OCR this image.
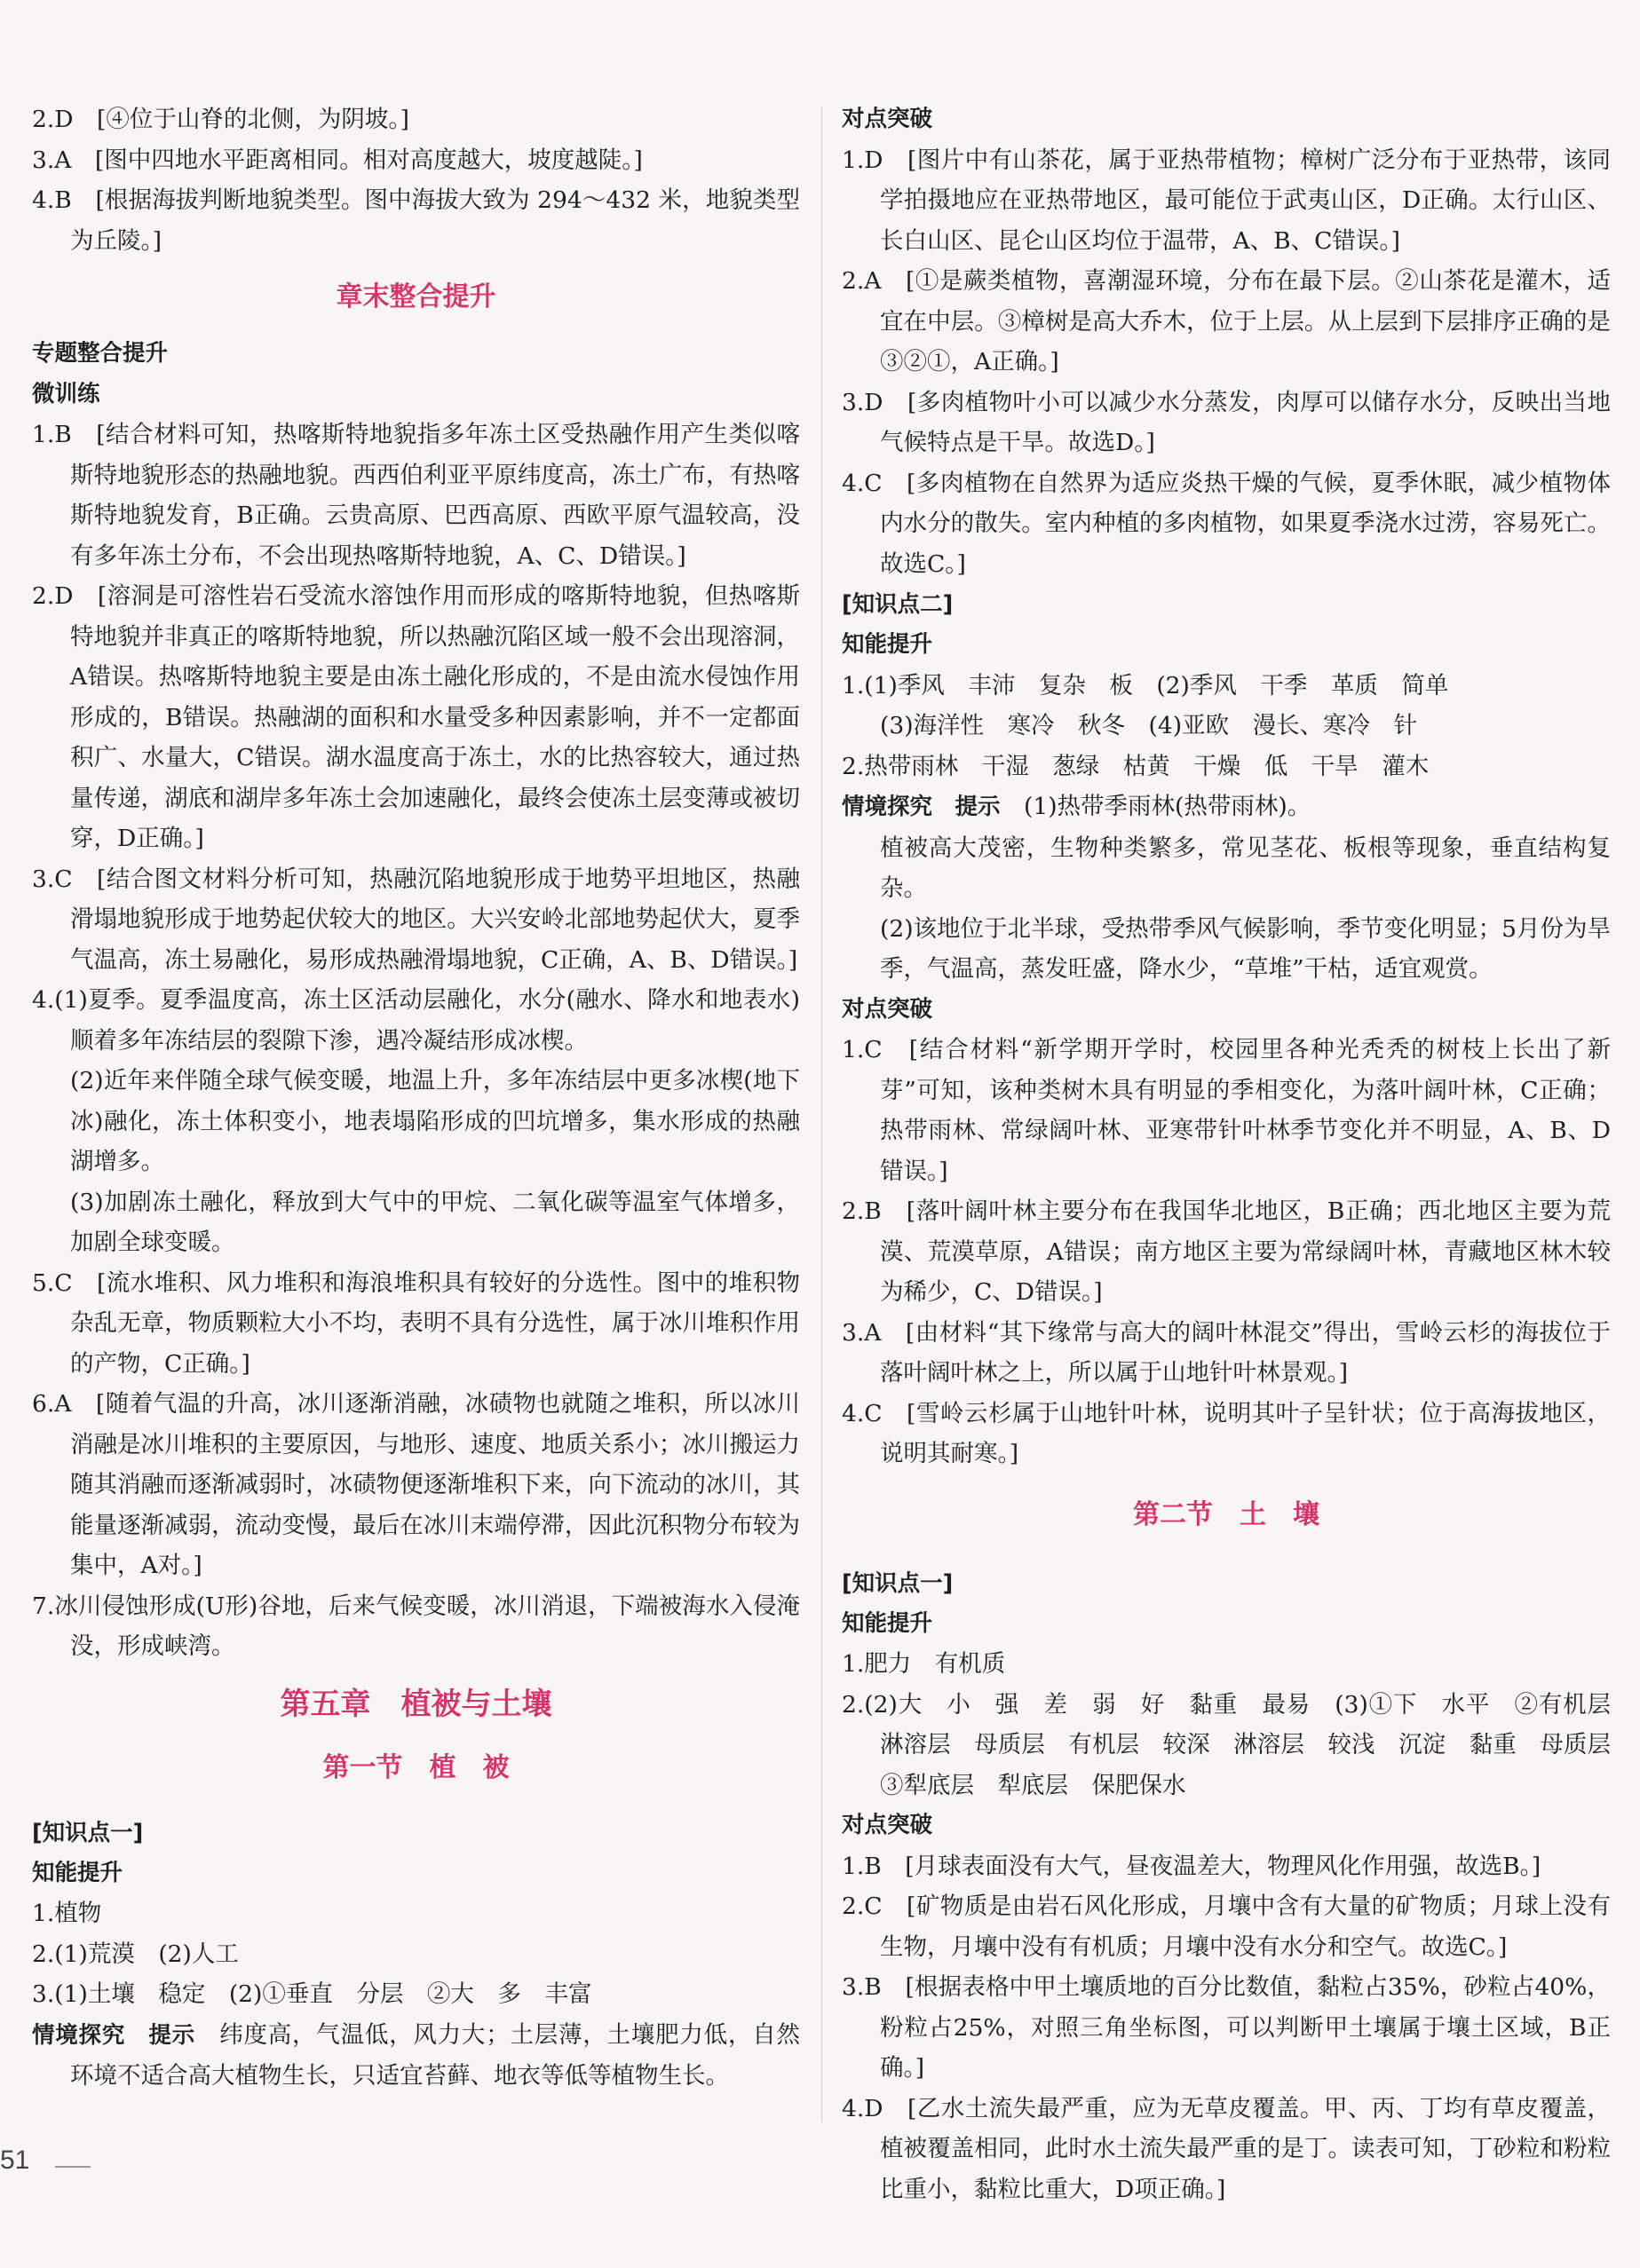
2.D　[④位于山脊的北侧，为阴坡。]

3.A　[图中四地水平距离相同。相对高度越大，坡度越陡。]

4.B　[根据海拔判断地貌类型。图中海拔大致为 294～432 米，地貌类型为丘陵。]

章末整合提升

专题整合提升

微训练

1.B　[结合材料可知，热喀斯特地貌指多年冻土区受热融作用产生类似喀斯特地貌形态的热融地貌。西西伯利亚平原纬度高，冻土广布，有热喀斯特地貌发育，B正确。云贵高原、巴西高原、西欧平原气温较高，没有多年冻土分布，不会出现热喀斯特地貌，A、C、D错误。]

2.D　[溶洞是可溶性岩石受流水溶蚀作用而形成的喀斯特地貌，但热喀斯特地貌并非真正的喀斯特地貌，所以热融沉陷区域一般不会出现溶洞，A错误。热喀斯特地貌主要是由冻土融化形成的，不是由流水侵蚀作用形成的，B错误。热融湖的面积和水量受多种因素影响，并不一定都面积广、水量大，C错误。湖水温度高于冻土，水的比热容较大，通过热量传递，湖底和湖岸多年冻土会加速融化，最终会使冻土层变薄或被切穿，D正确。]

3.C　[结合图文材料分析可知，热融沉陷地貌形成于地势平坦地区，热融滑塌地貌形成于地势起伏较大的地区。大兴安岭北部地势起伏大，夏季气温高，冻土易融化，易形成热融滑塌地貌，C正确，A、B、D错误。]

4.(1)夏季。夏季温度高，冻土区活动层融化，水分(融水、降水和地表水)顺着多年冻结层的裂隙下渗，遇冷凝结形成冰楔。

(2)近年来伴随全球气候变暖，地温上升，多年冻结层中更多冰楔(地下冰)融化，冻土体积变小，地表塌陷形成的凹坑增多，集水形成的热融湖增多。

(3)加剧冻土融化，释放到大气中的甲烷、二氧化碳等温室气体增多，加剧全球变暖。

5.C　[流水堆积、风力堆积和海浪堆积具有较好的分选性。图中的堆积物杂乱无章，物质颗粒大小不均，表明不具有分选性，属于冰川堆积作用的产物，C正确。]

6.A　[随着气温的升高，冰川逐渐消融，冰碛物也就随之堆积，所以冰川消融是冰川堆积的主要原因，与地形、速度、地质关系小；冰川搬运力随其消融而逐渐减弱时，冰碛物便逐渐堆积下来，向下流动的冰川，其能量逐渐减弱，流动变慢，最后在冰川末端停滞，因此沉积物分布较为集中，A对。]

7.冰川侵蚀形成(U形)谷地，后来气候变暖，冰川消退，下端被海水入侵淹没，形成峡湾。

第五章　植被与土壤

第一节　植　被

[知识点一]

知能提升

1.植物

2.(1)荒漠　(2)人工

3.(1)土壤　稳定　(2)①垂直　分层　②大　多　丰富

情境探究　提示　纬度高，气温低，风力大；土层薄，土壤肥力低，自然环境不适合高大植物生长，只适宜苔藓、地衣等低等植物生长。

对点突破

1.D　[图片中有山茶花，属于亚热带植物；樟树广泛分布于亚热带，该同学拍摄地应在亚热带地区，最可能位于武夷山区，D正确。太行山区、长白山区、昆仑山区均位于温带，A、B、C错误。]

2.A　[①是蕨类植物，喜潮湿环境，分布在最下层。②山茶花是灌木，适宜在中层。③樟树是高大乔木，位于上层。从上层到下层排序正确的是③②①，A正确。]

3.D　[多肉植物叶小可以减少水分蒸发，肉厚可以储存水分，反映出当地气候特点是干旱。故选D。]

4.C　[多肉植物在自然界为适应炎热干燥的气候，夏季休眠，减少植物体内水分的散失。室内种植的多肉植物，如果夏季浇水过涝，容易死亡。故选C。]

[知识点二]

知能提升

1.(1)季风　丰沛　复杂　板　(2)季风　干季　革质　简单

(3)海洋性　寒冷　秋冬　(4)亚欧　漫长、寒冷　针

2.热带雨林　干湿　葱绿　枯黄　干燥　低　干旱　灌木

情境探究　提示　(1)热带季雨林(热带雨林)。

植被高大茂密，生物种类繁多，常见茎花、板根等现象，垂直结构复杂。

(2)该地位于北半球，受热带季风气候影响，季节变化明显；5月份为旱季，气温高，蒸发旺盛，降水少，“草堆”干枯，适宜观赏。

对点突破

1.C　[结合材料“新学期开学时，校园里各种光秃秃的树枝上长出了新芽”可知，该种类树木具有明显的季相变化，为落叶阔叶林，C正确；热带雨林、常绿阔叶林、亚寒带针叶林季节变化并不明显，A、B、D错误。]

2.B　[落叶阔叶林主要分布在我国华北地区，B正确；西北地区主要为荒漠、荒漠草原，A错误；南方地区主要为常绿阔叶林，青藏地区林木较为稀少，C、D错误。]

3.A　[由材料“其下缘常与高大的阔叶林混交”得出，雪岭云杉的海拔位于落叶阔叶林之上，所以属于山地针叶林景观。]

4.C　[雪岭云杉属于山地针叶林，说明其叶子呈针状；位于高海拔地区，说明其耐寒。]

第二节　土　壤

[知识点一]

知能提升

1.肥力　有机质

2.(2)大　小　强　差　弱　好　黏重　最易　(3)①下　水平　②有机层　淋溶层　母质层　有机层　较深　淋溶层　较浅　沉淀　黏重　母质层　③犁底层　犁底层　保肥保水

对点突破

1.B　[月球表面没有大气，昼夜温差大，物理风化作用强，故选B。]

2.C　[矿物质是由岩石风化形成，月壤中含有大量的矿物质；月球上没有生物，月壤中没有有机质；月壤中没有水分和空气。故选C。]

3.B　[根据表格中甲土壤质地的百分比数值，黏粒占35%，砂粒占40%，粉粒占25%，对照三角坐标图，可以判断甲土壤属于壤土区域，B正确。]

4.D　[乙水土流失最严重，应为无草皮覆盖。甲、丙、丁均有草皮覆盖，植被覆盖相同，此时水土流失最严重的是丁。读表可知，丁砂粒和粉粒比重小，黏粒比重大，D项正确。]

51
